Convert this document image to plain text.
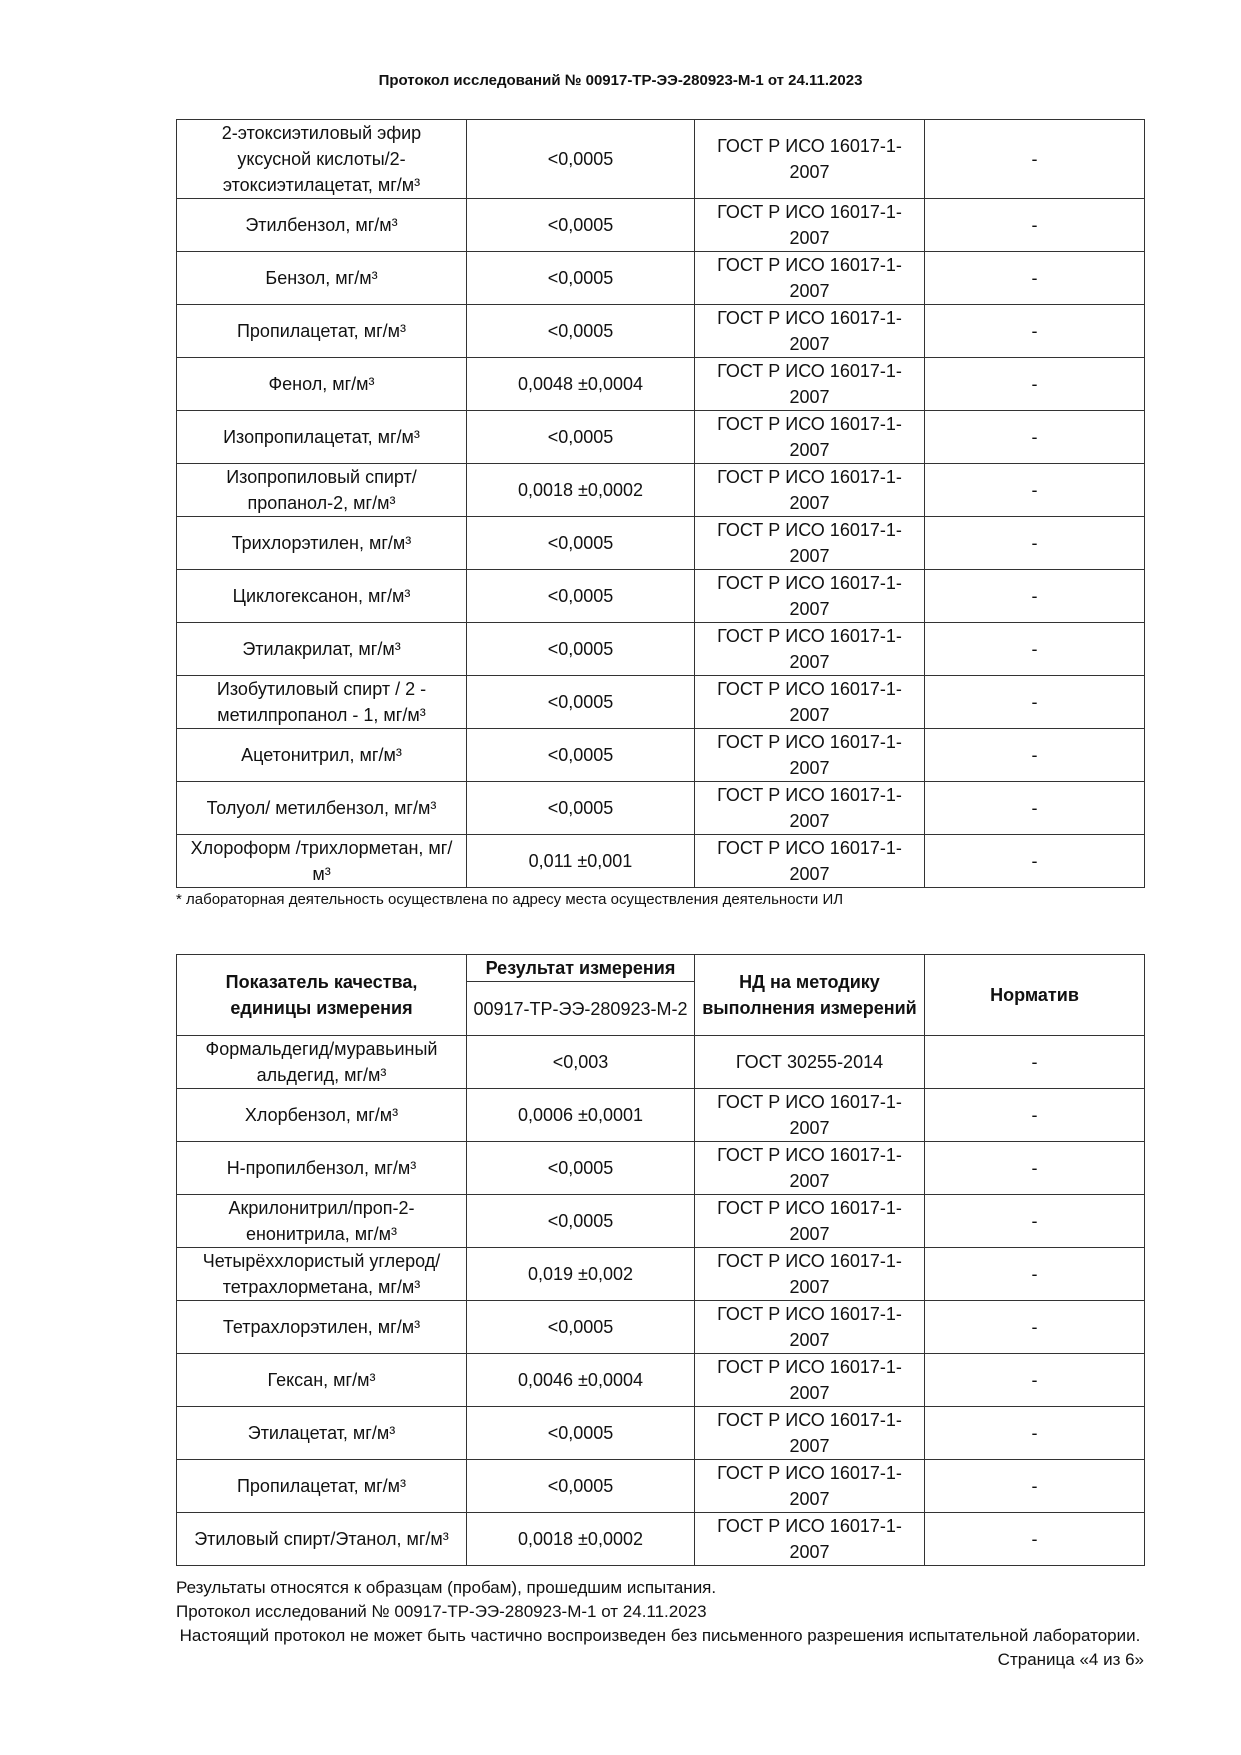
Протокол исследований № 00917-ТР-ЭЭ-280923-М-1 от 24.11.2023
2-этоксиэтиловый эфир уксусной кислоты/2-этоксиэтилацетат, мг/м³	<0,0005	ГОСТ Р ИСО 16017-1-2007	-
Этилбензол, мг/м³	<0,0005	ГОСТ Р ИСО 16017-1-2007	-
Бензол, мг/м³	<0,0005	ГОСТ Р ИСО 16017-1-2007	-
Пропилацетат, мг/м³	<0,0005	ГОСТ Р ИСО 16017-1-2007	-
Фенол, мг/м³	0,0048 ±0,0004	ГОСТ Р ИСО 16017-1-2007	-
Изопропилацетат, мг/м³	<0,0005	ГОСТ Р ИСО 16017-1-2007	-
Изопропиловый спирт/пропанол-2, мг/м³	0,0018 ±0,0002	ГОСТ Р ИСО 16017-1-2007	-
Трихлорэтилен, мг/м³	<0,0005	ГОСТ Р ИСО 16017-1-2007	-
Циклогексанон, мг/м³	<0,0005	ГОСТ Р ИСО 16017-1-2007	-
Этилакрилат, мг/м³	<0,0005	ГОСТ Р ИСО 16017-1-2007	-
Изобутиловый спирт / 2 - метилпропанол - 1, мг/м³	<0,0005	ГОСТ Р ИСО 16017-1-2007	-
Ацетонитрил, мг/м³	<0,0005	ГОСТ Р ИСО 16017-1-2007	-
Толуол/ метилбензол, мг/м³	<0,0005	ГОСТ Р ИСО 16017-1-2007	-
Хлороформ /трихлорметан, мг/м³	0,011 ±0,001	ГОСТ Р ИСО 16017-1-2007	-
* лабораторная деятельность осуществлена по адресу места осуществления деятельности ИЛ
Показатель качества, единицы измерения	Результат измерения	НД на методику выполнения измерений	Норматив
	00917-ТР-ЭЭ-280923-М-2		
Формальдегид/муравьиный альдегид, мг/м³	<0,003	ГОСТ 30255-2014	-
Хлорбензол, мг/м³	0,0006 ±0,0001	ГОСТ Р ИСО 16017-1-2007	-
Н-пропилбензол, мг/м³	<0,0005	ГОСТ Р ИСО 16017-1-2007	-
Акрилонитрил/проп-2-енонитрила, мг/м³	<0,0005	ГОСТ Р ИСО 16017-1-2007	-
Четырёххлористый углерод/ тетрахлорметана, мг/м³	0,019 ±0,002	ГОСТ Р ИСО 16017-1-2007	-
Тетрахлорэтилен, мг/м³	<0,0005	ГОСТ Р ИСО 16017-1-2007	-
Гексан, мг/м³	0,0046 ±0,0004	ГОСТ Р ИСО 16017-1-2007	-
Этилацетат, мг/м³	<0,0005	ГОСТ Р ИСО 16017-1-2007	-
Пропилацетат, мг/м³	<0,0005	ГОСТ Р ИСО 16017-1-2007	-
Этиловый спирт/Этанол, мг/м³	0,0018 ±0,0002	ГОСТ Р ИСО 16017-1-2007	-
Результаты относятся к образцам (пробам), прошедшим испытания.
Протокол исследований № 00917-ТР-ЭЭ-280923-М-1 от 24.11.2023
Настоящий протокол не может быть частично воспроизведен без письменного разрешения испытательной лаборатории.
Страница «4 из 6»
